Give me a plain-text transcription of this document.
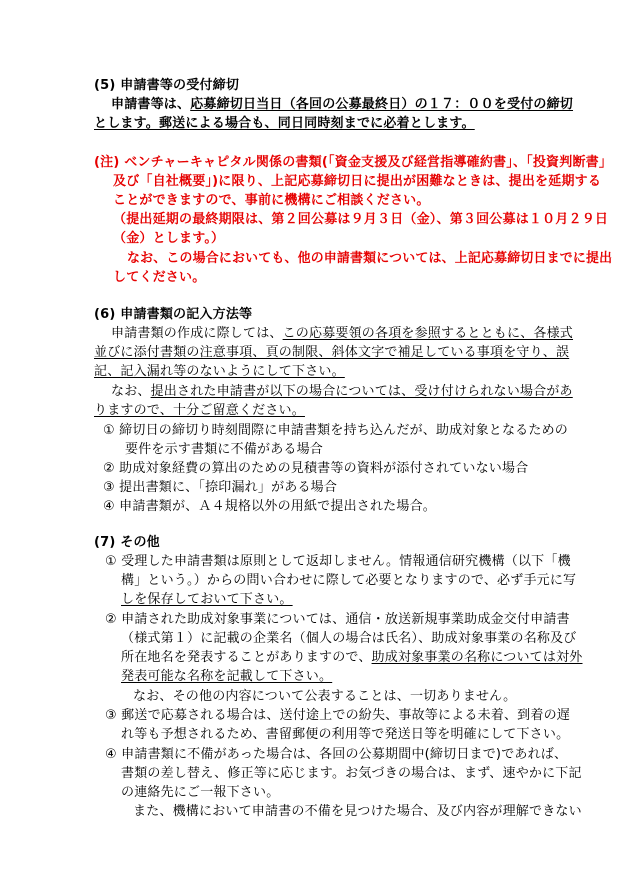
(5) 申請書等の受付締切
申請書等は、応募締切日当日（各回の公募最終日）の１７：００を受付の締切
とします。郵送による場合も、同日同時刻までに必着とします。
(注) ベンチャーキャピタル関係の書類(「資金支援及び経営指導確約書」、「投資判断書」
及び「自社概要」)に限り、上記応募締切日に提出が困難なときは、提出を延期する
ことができますので、事前に機構にご相談ください。
（提出延期の最終期限は、第２回公募は９月３日（金）、第３回公募は１０月２９日
（金）とします。）
なお、この場合においても、他の申請書類については、上記応募締切日までに提出
してください。
(6) 申請書類の記入方法等
申請書類の作成に際しては、この応募要領の各項を参照するとともに、各様式
並びに添付書類の注意事項、頁の制限、斜体文字で補足している事項を守り、誤
記、記入漏れ等のないようにして下さい。
なお、提出された申請書が以下の場合については、受け付けられない場合があ
りますので、十分ご留意ください。
① 締切日の締切り時刻間際に申請書類を持ち込んだが、助成対象となるための
要件を示す書類に不備がある場合
② 助成対象経費の算出のための見積書等の資料が添付されていない場合
③ 提出書類に、「捺印漏れ」がある場合
④ 申請書類が、Ａ４規格以外の用紙で提出された場合。
(7) その他
① 受理した申請書類は原則として返却しません。情報通信研究機構（以下「機
構」という。）からの問い合わせに際して必要となりますので、必ず手元に写
しを保存しておいて下さい。
② 申請された助成対象事業については、通信・放送新規事業助成金交付申請書
（様式第１）に記載の企業名（個人の場合は氏名）、助成対象事業の名称及び
所在地名を発表することがありますので、助成対象事業の名称については対外
発表可能な名称を記載して下さい。
なお、その他の内容について公表することは、一切ありません。
③ 郵送で応募される場合は、送付途上での紛失、事故等による未着、到着の遅
れ等も予想されるため、書留郵便の利用等で発送日等を明確にして下さい。
④ 申請書類に不備があった場合は、各回の公募期間中(締切日まで)であれば、
書類の差し替え、修正等に応じます。お気づきの場合は、まず、速やかに下記
の連絡先にご一報下さい。
また、機構において申請書の不備を見つけた場合、及び内容が理解できない
